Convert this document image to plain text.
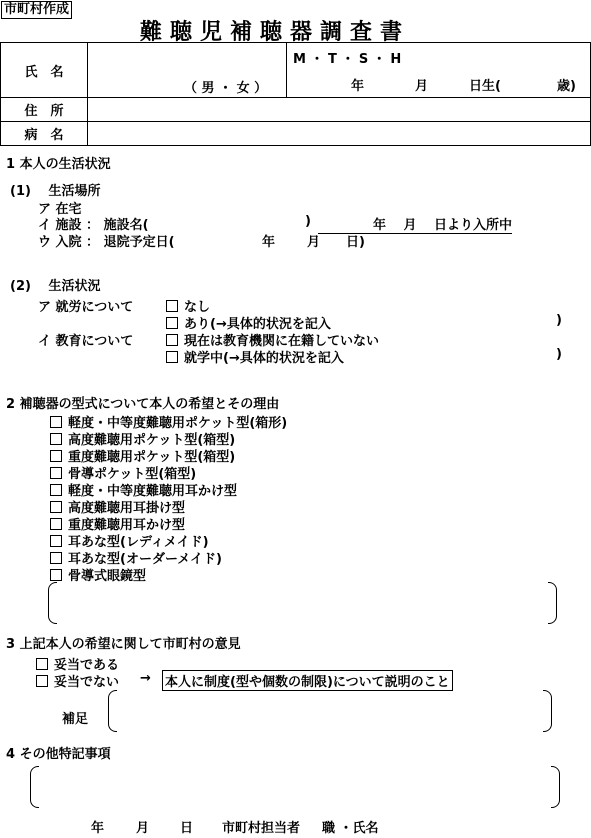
市町村作成
難聴児補聴器調査書
氏　名	（ 男 ・ 女 ）	M ・ T ・ S ・ H
年 月 日生( 歳)

住　所		
病　名		
1 本人の生活状況
(1)　 生活場所
ア 在宅
イ 施設 ： 施設名(	)	年　 月　 日より入所中
ウ 入院 ： 退院予定日(	年 月 日)
(2)　 生活状況
ア 就労について	なし
あり(→具体的状況を記入	)
イ 教育について	現在は教育機関に在籍していない
就学中(→具体的状況を記入	)
2 補聴器の型式について本人の希望とその理由
軽度・中等度難聴用ポケット型(箱形)
高度難聴用ポケット型(箱型)
重度難聴用ポケット型(箱型)
骨導ポケット型(箱型)
軽度・中等度難聴用耳かけ型
高度難聴用耳掛け型
重度難聴用耳かけ型
耳あな型(レディメイド)
耳あな型(オーダーメイド)
骨導式眼鏡型
3 上記本人の希望に関して市町村の意見
妥当である
妥当でない → 本人に制度(型や個数の制限)について説明のこと
補足
4 その他特記事項
年 月 日 市町村担当者 職 ・氏名
